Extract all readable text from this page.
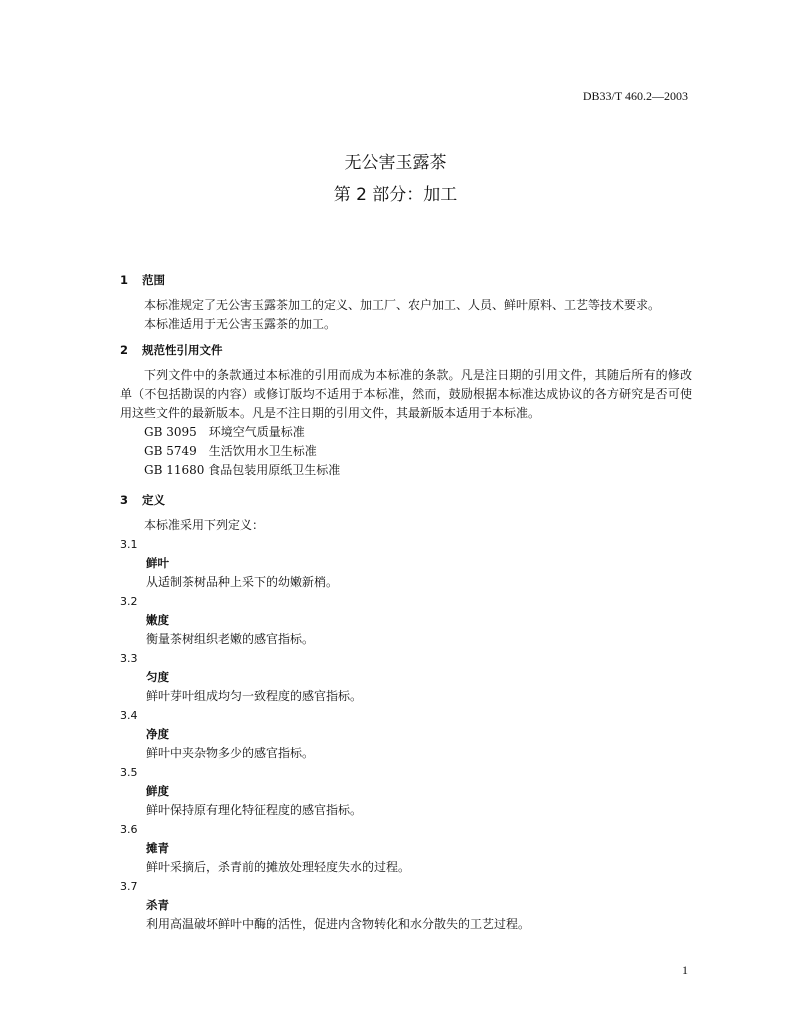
DB33/T 460.2—2003
无公害玉露茶
第 2 部分：加工

1 范围

本标准规定了无公害玉露茶加工的定义、加工厂、农户加工、人员、鲜叶原料、工艺等技术要求。

本标准适用于无公害玉露茶的加工。

2 规范性引用文件

下列文件中的条款通过本标准的引用而成为本标准的条款。凡是注日期的引用文件，其随后所有的修改单（不包括勘误的内容）或修订版均不适用于本标准，然而，鼓励根据本标准达成协议的各方研究是否可使用这些文件的最新版本。凡是不注日期的引用文件，其最新版本适用于本标准。

GB 3095　环境空气质量标准

GB 5749　生活饮用水卫生标准

GB 11680 食品包装用原纸卫生标准

3 定义

本标准采用下列定义：

3.1

鲜叶

从适制茶树品种上采下的幼嫩新梢。

3.2

嫩度

衡量茶树组织老嫩的感官指标。

3.3

匀度

鲜叶芽叶组成均匀一致程度的感官指标。

3.4

净度

鲜叶中夹杂物多少的感官指标。

3.5

鲜度

鲜叶保持原有理化特征程度的感官指标。

3.6

摊青

鲜叶采摘后，杀青前的摊放处理轻度失水的过程。

3.7

杀青

利用高温破坏鲜叶中酶的活性，促进内含物转化和水分散失的工艺过程。

1
